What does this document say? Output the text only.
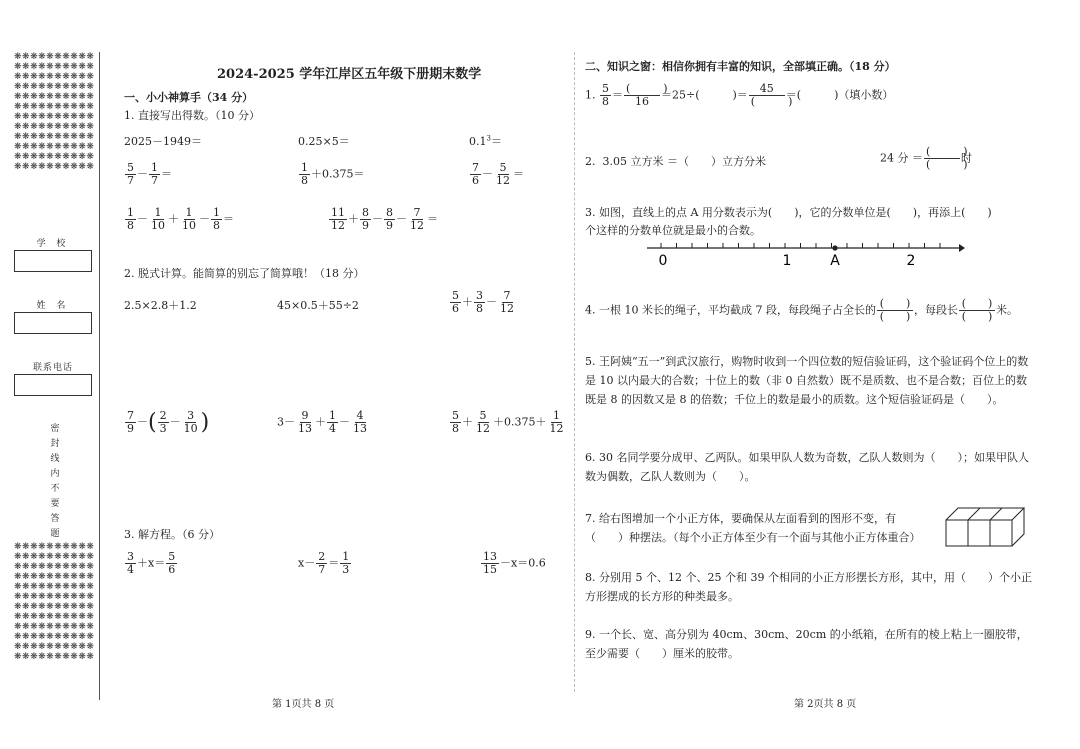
❋❋❋❋❋❋❋❋❋❋❋❋❋❋❋❋❋❋❋❋❋❋❋❋❋❋❋❋❋❋❋❋❋❋❋❋❋❋❋❋❋❋❋❋❋❋❋❋❋❋❋❋❋❋❋❋❋❋❋❋❋❋❋❋❋❋❋❋❋❋❋❋❋❋❋❋❋❋❋❋❋❋❋❋❋❋❋❋❋❋❋❋❋❋❋❋❋❋❋❋❋❋❋❋❋❋❋❋❋❋❋❋❋❋❋❋❋❋❋❋
学 校
姓 名
联系电话
密
封
线
内
不
要
答
题
❋❋❋❋❋❋❋❋❋❋❋❋❋❋❋❋❋❋❋❋❋❋❋❋❋❋❋❋❋❋❋❋❋❋❋❋❋❋❋❋❋❋❋❋❋❋❋❋❋❋❋❋❋❋❋❋❋❋❋❋❋❋❋❋❋❋❋❋❋❋❋❋❋❋❋❋❋❋❋❋❋❋❋❋❋❋❋❋❋❋❋❋❋❋❋❋❋❋❋❋❋❋❋❋❋❋❋❋❋❋❋❋❋❋❋❋❋❋❋❋
2024-2025 学年江岸区五年级下册期末数学
一、小小神算手（34 分）
1. 直接写出得数。（10 分）
2025－1949＝	0.25×5＝	$0.1^3=$
$\frac{5}{7} - \frac{1}{7}$ ＝	$\frac{1}{8} +0.375=$	$\frac{7}{6} - \frac{5}{12}$ ＝
$\frac{1}{8} - \frac{1}{10} + \frac{1}{10} - \frac{1}{8}$ ＝	$\frac{11}{12} + \frac{8}{9} - \frac{8}{9} - \frac{7}{12}$ ＝
2. 脱式计算。能简算的别忘了简算哦！（18 分）
2.5×2.8＋1.2	45×0.5＋55÷2	$\frac{5}{6} + \frac{3}{8} - \frac{7}{12}$
$\frac{7}{9}$ －( $\frac{2}{3} - \frac{3}{10}$ )	$3- \frac{9}{13} + \frac{1}{4} - \frac{4}{13}$	$\frac{5}{8} + \frac{5}{12} +0.375+ \frac{1}{12}$
3. 解方程。（6 分）
$\frac{3}{4} +x= \frac{5}{6}$	$x- \frac{2}{7} = \frac{1}{3}$	$\frac{13}{15} -x=0.6$
第 1页共 8 页
二、知识之窗：相信你拥有丰富的知识，全部填正确。（18 分）
1. $\frac{5}{8} = \frac{( )}{16} =25\div$(　　　)＝ $\frac{45}{( )}$ ＝(　　　)（填小数）
2. 3.05 立方米 ＝（　　）立方分米	24 分 ＝ $\frac{( )}{( )}$ 时
3. 如图，直线上的点 A 用分数表示为(　　)，它的分数单位是(　　)，再添上(　　)
个这样的分数单位就是最小的合数。
0	1	A	2
4. 一根 10 米长的绳子，平均截成 7 段，每段绳子占全长的 $\frac{( )}{( )}$ ，每段长 $\frac{( )}{( )}$ 米。
5. 王阿姨“五一”到武汉旅行，购物时收到一个四位数的短信验证码，这个验证码个位上的数是 10 以内最大的合数；十位上的数（非 0 自然数）既不是质数、也不是合数；百位上的数既是 8 的因数又是 8 的倍数；千位上的数是最小的质数。这个短信验证码是（　　）。
6. 30 名同学要分成甲、乙两队。如果甲队人数为奇数，乙队人数则为（　　）；如果甲队人数为偶数，乙队人数则为（　　）。
7. 给右图增加一个小正方体，要确保从左面看到的图形不变，有
（　　）种摆法。（每个小正方体至少有一个面与其他小正方体重合）
8. 分别用 5 个、12 个、25 个和 39 个相同的小正方形摆长方形，其中，用（　　）个小正方形摆成的长方形的种类最多。
9. 一个长、宽、高分别为 40cm、30cm、20cm 的小纸箱，在所有的棱上粘上一圈胶带，至少需要（　　）厘米的胶带。
第 2页共 8 页
